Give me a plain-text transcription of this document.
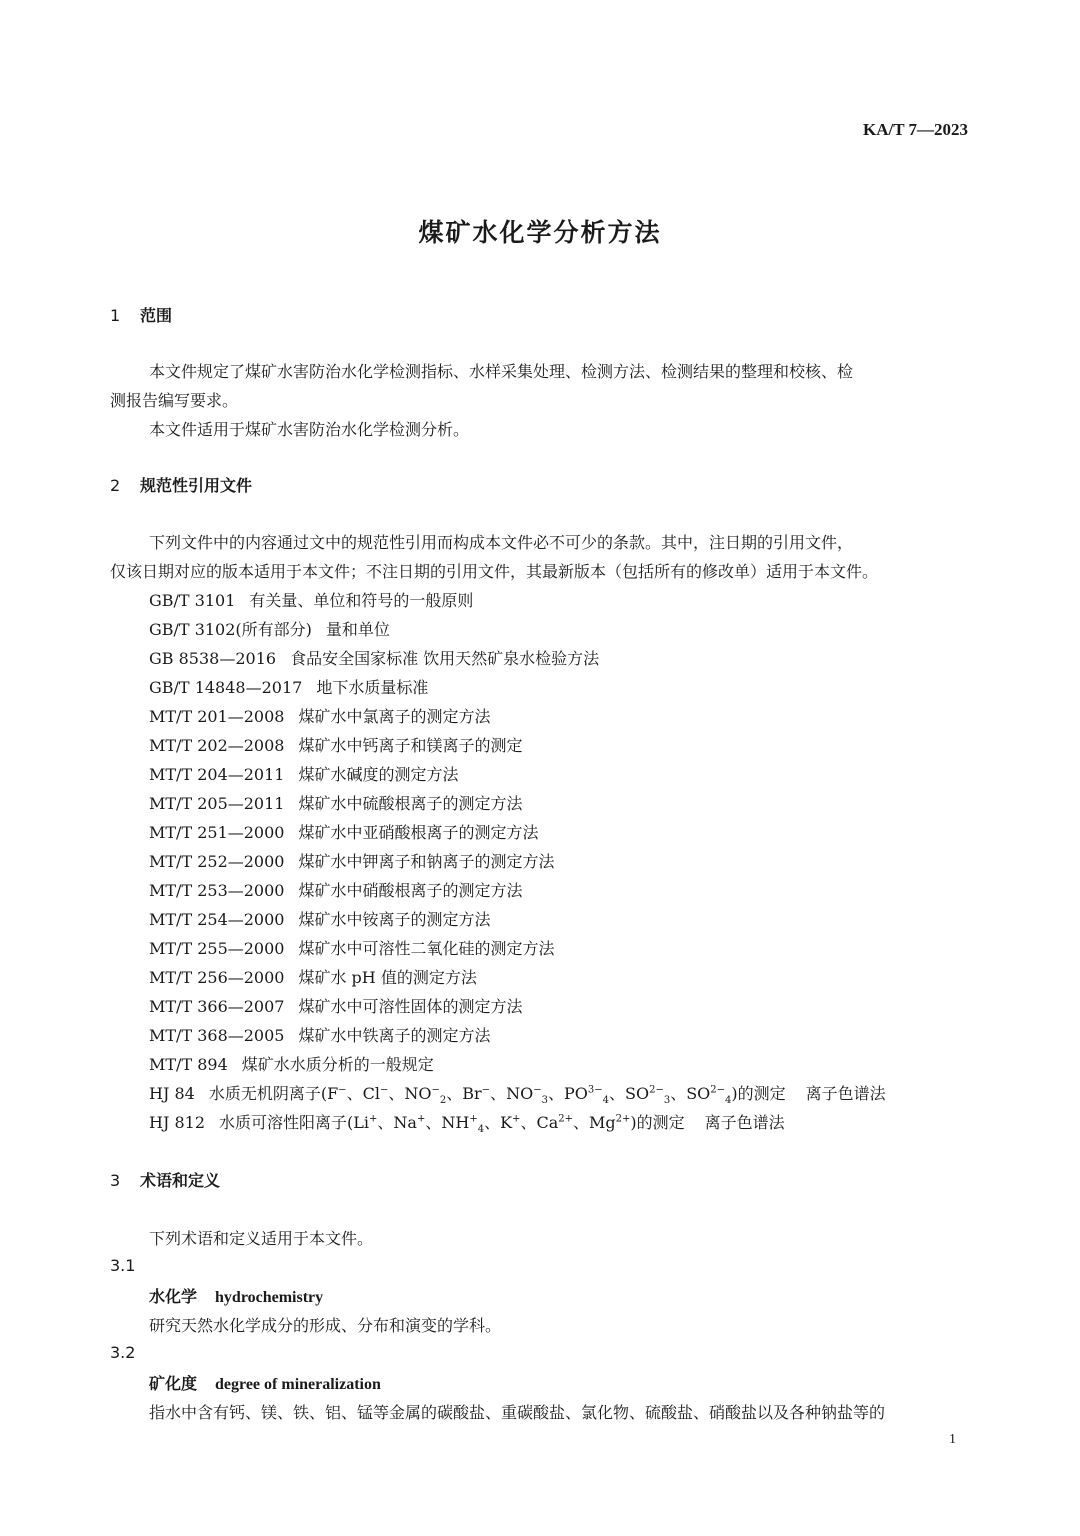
KA/T 7—2023
煤矿水化学分析方法
1 范围
本文件规定了煤矿水害防治水化学检测指标、水样采集处理、检测方法、检测结果的整理和校核、检
测报告编写要求。
本文件适用于煤矿水害防治水化学检测分析。
2 规范性引用文件
下列文件中的内容通过文中的规范性引用而构成本文件必不可少的条款。其中，注日期的引用文件，
仅该日期对应的版本适用于本文件；不注日期的引用文件，其最新版本（包括所有的修改单）适用于本文件。
GB/T 3101 有关量、单位和符号的一般原则
GB/T 3102(所有部分) 量和单位
GB 8538—2016 食品安全国家标准 饮用天然矿泉水检验方法
GB/T 14848—2017 地下水质量标准
MT/T 201—2008 煤矿水中氯离子的测定方法
MT/T 202—2008 煤矿水中钙离子和镁离子的测定
MT/T 204—2011 煤矿水碱度的测定方法
MT/T 205—2011 煤矿水中硫酸根离子的测定方法
MT/T 251—2000 煤矿水中亚硝酸根离子的测定方法
MT/T 252—2000 煤矿水中钾离子和钠离子的测定方法
MT/T 253—2000 煤矿水中硝酸根离子的测定方法
MT/T 254—2000 煤矿水中铵离子的测定方法
MT/T 255—2000 煤矿水中可溶性二氧化硅的测定方法
MT/T 256—2000 煤矿水 pH 值的测定方法
MT/T 366—2007 煤矿水中可溶性固体的测定方法
MT/T 368—2005 煤矿水中铁离子的测定方法
MT/T 894 煤矿水水质分析的一般规定
HJ 84 水质无机阴离子(F−、Cl−、$NO^-_2$、Br−、$NO^-_3$、$PO^{3-}_4$、$SO^{2-}_3$、$SO^{2-}_4$)的测定 离子色谱法
HJ 812 水质可溶性阳离子(Li+、Na+、$NH^+_4$、K+、$Ca^{2+}$、$Mg^{2+}$)的测定 离子色谱法
3 术语和定义
下列术语和定义适用于本文件。
3.1
水化学 hydrochemistry
研究天然水化学成分的形成、分布和演变的学科。
3.2
矿化度 degree of mineralization
指水中含有钙、镁、铁、铝、锰等金属的碳酸盐、重碳酸盐、氯化物、硫酸盐、硝酸盐以及各种钠盐等的
1
